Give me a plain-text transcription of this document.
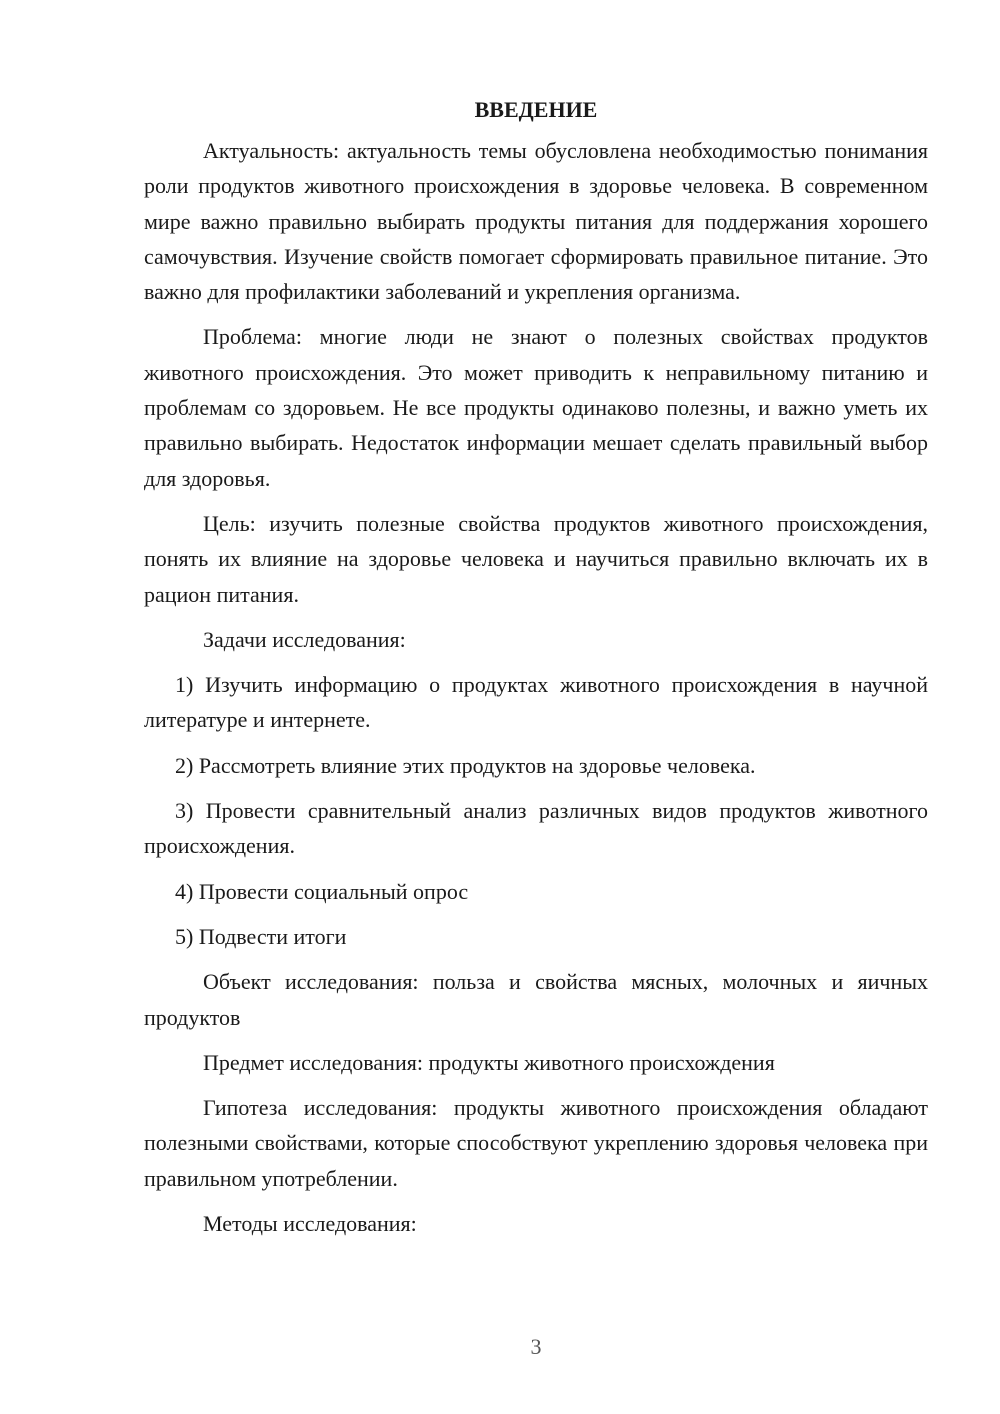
ВВЕДЕНИЕ

Актуальность: актуальность темы обусловлена необходимостью понимания роли продуктов животного происхождения в здоровье человека. В современном мире важно правильно выбирать продукты питания для поддержания хорошего самочувствия. Изучение свойств помогает сформировать правильное питание. Это важно для профилактики заболеваний и укрепления организма.

Проблема: многие люди не знают о полезных свойствах продуктов животного происхождения. Это может приводить к неправильному питанию и проблемам со здоровьем. Не все продукты одинаково полезны, и важно уметь их правильно выбирать. Недостаток информации мешает сделать правильный выбор для здоровья.

Цель: изучить полезные свойства продуктов животного происхождения, понять их влияние на здоровье человека и научиться правильно включать их в рацион питания.

Задачи исследования:

1) Изучить информацию о продуктах животного происхождения в научной литературе и интернете.

2) Рассмотреть влияние этих продуктов на здоровье человека.

3) Провести сравнительный анализ различных видов продуктов животного происхождения.

4) Провести социальный опрос

5) Подвести итоги

Объект исследования: польза и свойства мясных, молочных и яичных продуктов

Предмет исследования: продукты животного происхождения

Гипотеза исследования: продукты животного происхождения обладают полезными свойствами, которые способствуют укреплению здоровья человека при правильном употреблении.

Методы исследования:

3
